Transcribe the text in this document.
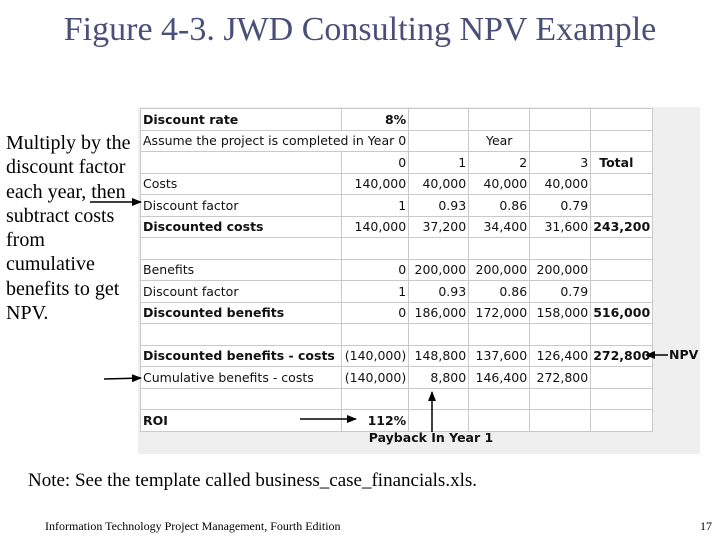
Figure 4-3. JWD Consulting NPV Example
Multiply by the discount factor each year, then subtract costs from cumulative benefits to get NPV.
Discount rate	8%				
Assume the project is completed in Year 0			Year		
	0	1	2	3	Total
Costs	140,000	40,000	40,000	40,000	
Discount factor	1	0.93	0.86	0.79	
Discounted costs	140,000	37,200	34,400	31,600	243,200

Benefits	0	200,000	200,000	200,000	
Discount factor	1	0.93	0.86	0.79	
Discounted benefits	0	186,000	172,000	158,000	516,000

Discounted benefits - costs	(140,000)	148,800	137,600	126,400	272,800
Cumulative benefits - costs	(140,000)	8,800	146,400	272,800	

ROI	112%				
Payback In Year 1
NPV
Note: See the template called business_case_financials.xls.
Information Technology Project Management, Fourth Edition	17
